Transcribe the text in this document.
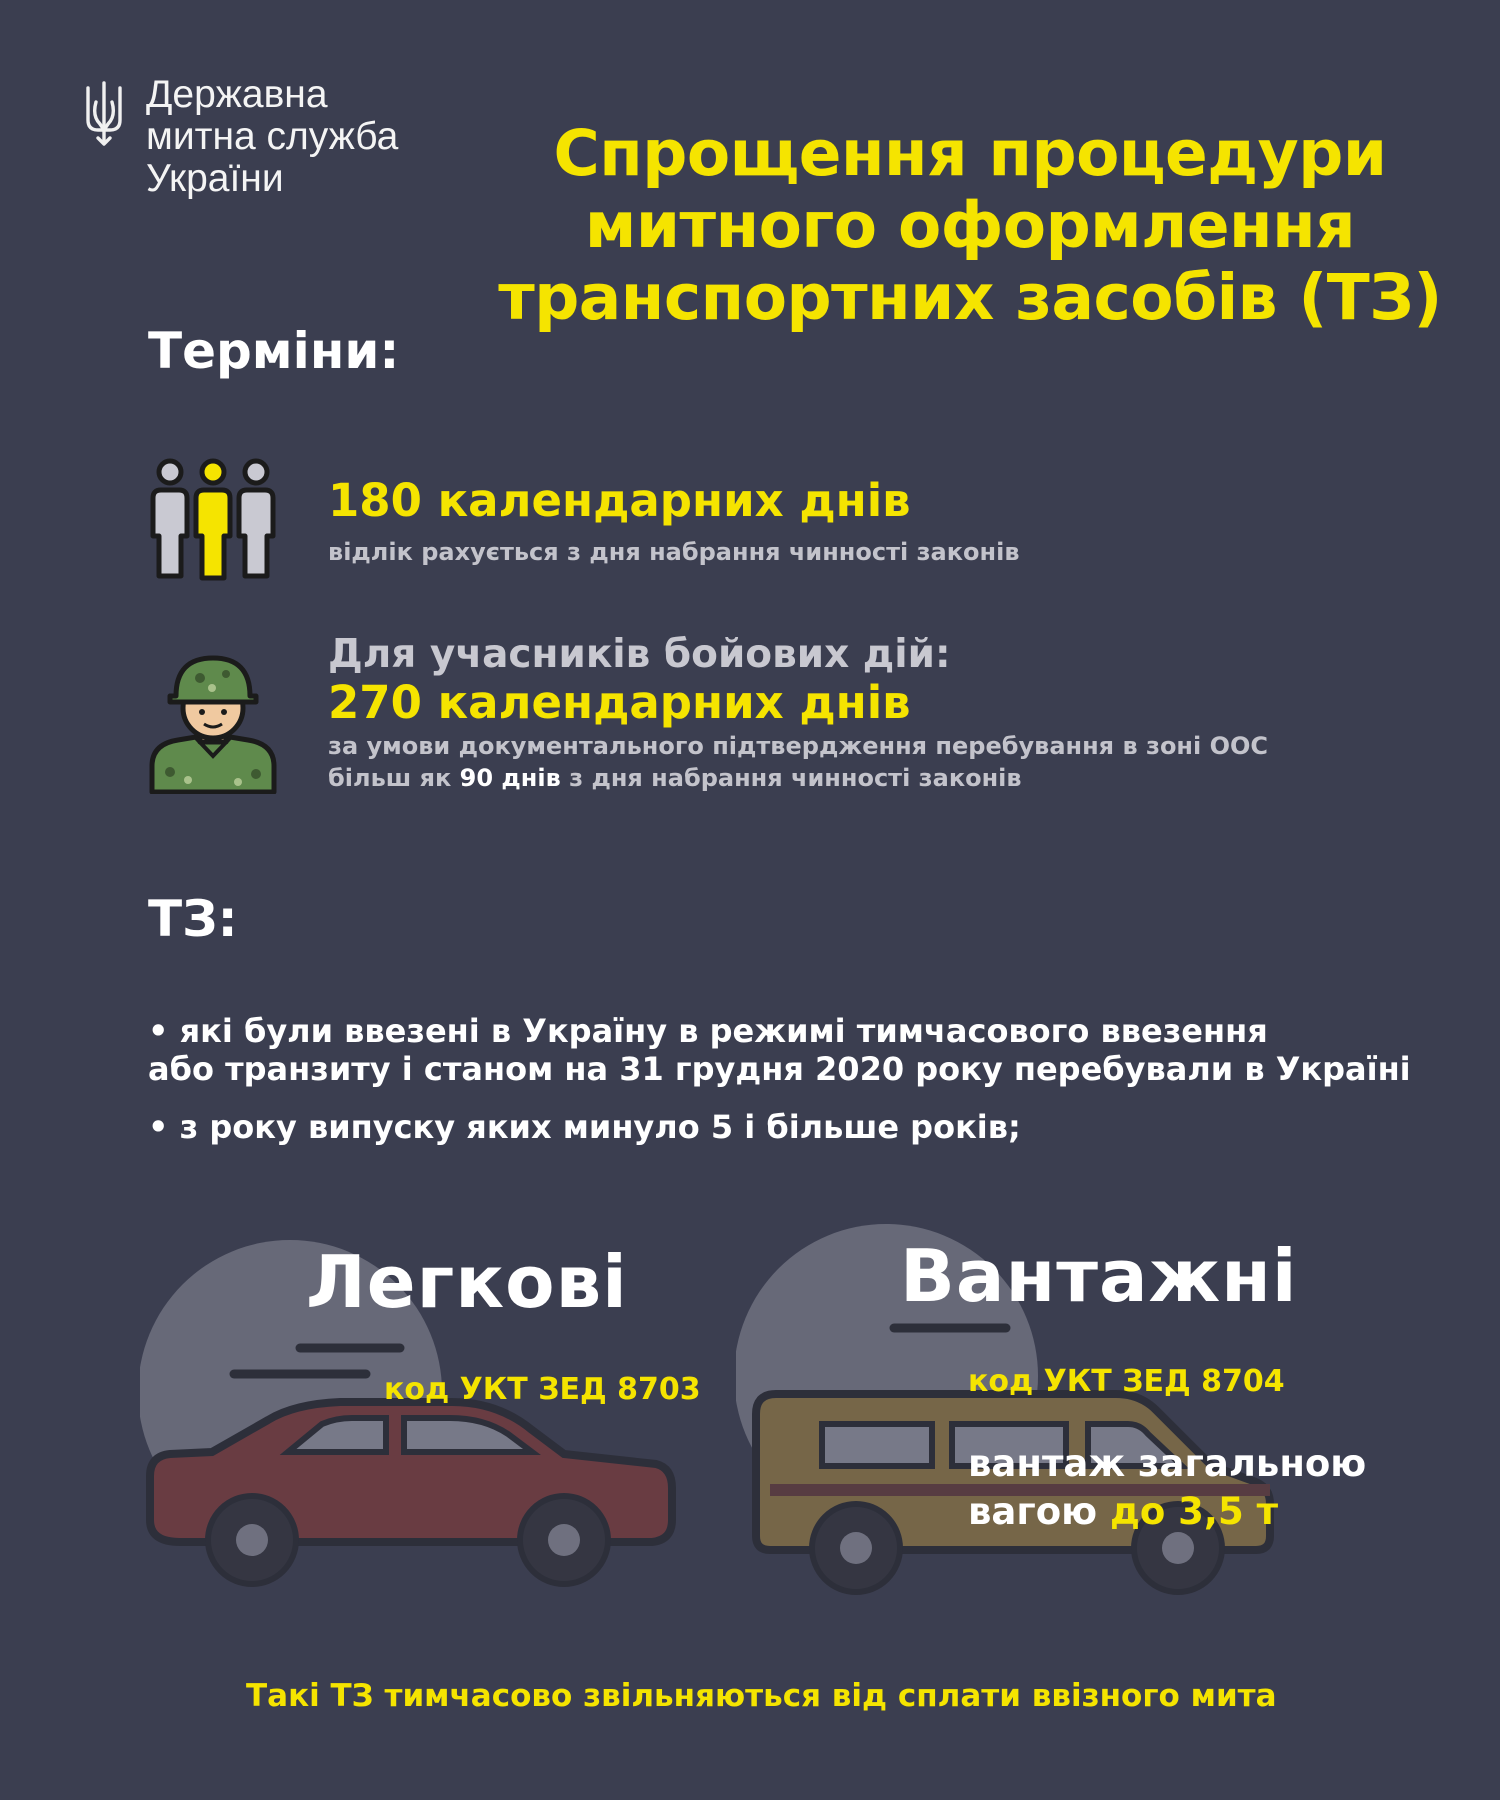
Державна
митна служба
України	Спрощення процедури
митного оформлення
транспортних засобів (ТЗ)
Терміни:
180 календарних днів
відлік рахується з дня набрання чинності законів
Для учасників бойових дій:
270 календарних днів
за умови документального підтвердження перебування в зоні ООС
більш як 90 днів з дня набрання чинності законів
ТЗ:
• які були ввезені в Україну в режимі тимчасового ввезення
або транзиту і станом на 31 грудня 2020 року перебували в Україні
• з року випуску яких минуло 5 і більше років;
Легкові
код УКТ ЗЕД 8703
Вантажні
код УКТ ЗЕД 8704
вантаж загальною
вагою до 3,5 т
Такі ТЗ тимчасово звільняються від сплати ввізного мита
